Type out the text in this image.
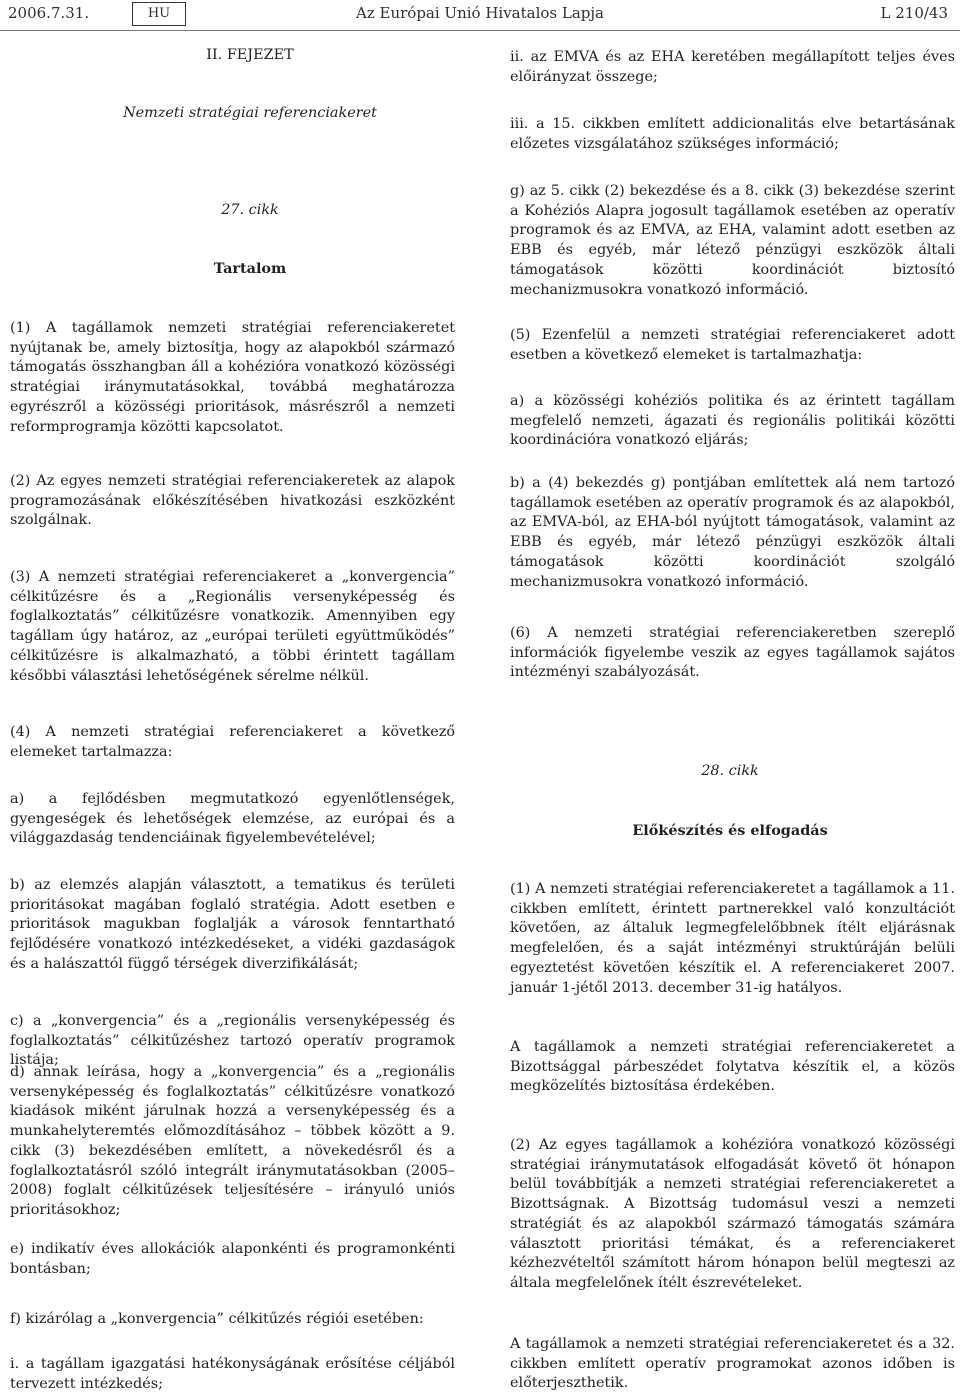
2006.7.31.	HU	Az Európai Unió Hivatalos Lapja	L 210/43
II. FEJEZET
Nemzeti stratégiai referenciakeret
27. cikk
Tartalom
(1) A tagállamok nemzeti stratégiai referenciakeretet nyújtanak be, amely biztosítja, hogy az alapokból származó támogatás összhangban áll a kohézióra vonatkozó közösségi stratégiai iránymutatásokkal, továbbá meghatározza egyrészről a közösségi prioritások, másrészről a nemzeti reformprogramja közötti kapcsolatot.
(2) Az egyes nemzeti stratégiai referenciakeretek az alapok programozásának előkészítésében hivatkozási eszközként szolgálnak.
(3) A nemzeti stratégiai referenciakeret a „konvergencia” célkitűzésre és a „Regionális versenyképesség és foglalkoztatás” célkitűzésre vonatkozik. Amennyiben egy tagállam úgy határoz, az „európai területi együttműködés” célkitűzésre is alkalmazható, a többi érintett tagállam későbbi választási lehetőségének sérelme nélkül.
(4) A nemzeti stratégiai referenciakeret a következő elemeket tartalmazza:
a) a fejlődésben megmutatkozó egyenlőtlenségek, gyengeségek és lehetőségek elemzése, az európai és a világgazdaság tendenciáinak figyelembevételével;
b) az elemzés alapján választott, a tematikus és területi prioritásokat magában foglaló stratégia. Adott esetben e prioritások magukban foglalják a városok fenntartható fejlődésére vonatkozó intézkedéseket, a vidéki gazdaságok és a halászattól függő térségek diverzifikálását;
c) a „konvergencia” és a „regionális versenyképesség és foglalkoztatás” célkitűzéshez tartozó operatív programok listája;
d) annak leírása, hogy a „konvergencia” és a „regionális versenyképesség és foglalkoztatás” célkitűzésre vonatkozó kiadások miként járulnak hozzá a versenyképesség és a munkahelyteremtés előmozdításához – többek között a 9. cikk (3) bekezdésében említett, a növekedésről és a foglalkoztatásról szóló integrált iránymutatásokban (2005–2008) foglalt célkitűzések teljesítésére – irányuló uniós prioritásokhoz;
e) indikatív éves allokációk alaponkénti és programonkénti bontásban;
f) kizárólag a „konvergencia” célkitűzés régiói esetében:
i. a tagállam igazgatási hatékonyságának erősítése céljából tervezett intézkedés;
ii. az EMVA és az EHA keretében megállapított teljes éves előirányzat összege;
iii. a 15. cikkben említett addicionalitás elve betartásának előzetes vizsgálatához szükséges információ;
g) az 5. cikk (2) bekezdése és a 8. cikk (3) bekezdése szerint a Kohéziós Alapra jogosult tagállamok esetében az operatív programok és az EMVA, az EHA, valamint adott esetben az EBB és egyéb, már létező pénzügyi eszközök általi támogatások közötti koordinációt biztosító mechanizmusokra vonatkozó információ.
(5) Ezenfelül a nemzeti stratégiai referenciakeret adott esetben a következő elemeket is tartalmazhatja:
a) a közösségi kohéziós politika és az érintett tagállam megfelelő nemzeti, ágazati és regionális politikái közötti koordinációra vonatkozó eljárás;
b) a (4) bekezdés g) pontjában említettek alá nem tartozó tagállamok esetében az operatív programok és az alapokból, az EMVA-ból, az EHA-ból nyújtott támogatások, valamint az EBB és egyéb, már létező pénzügyi eszközök általi támogatások közötti koordinációt szolgáló mechanizmusokra vonatkozó információ.
(6) A nemzeti stratégiai referenciakeretben szereplő információk figyelembe veszik az egyes tagállamok sajátos intézményi szabályozását.
28. cikk
Előkészítés és elfogadás
(1) A nemzeti stratégiai referenciakeretet a tagállamok a 11. cikkben említett, érintett partnerekkel való konzultációt követően, az általuk legmegfelelőbbnek ítélt eljárásnak megfelelően, és a saját intézményi struktúráján belüli egyeztetést követően készítik el. A referenciakeret 2007. január 1-jétől 2013. december 31-ig hatályos.
A tagállamok a nemzeti stratégiai referenciakeretet a Bizottsággal párbeszédet folytatva készítik el, a közös megközelítés biztosítása érdekében.
(2) Az egyes tagállamok a kohézióra vonatkozó közösségi stratégiai iránymutatások elfogadását követő öt hónapon belül továbbítják a nemzeti stratégiai referenciakeretet a Bizottságnak. A Bizottság tudomásul veszi a nemzeti stratégiát és az alapokból származó támogatás számára választott prioritási témákat, és a referenciakeret kézhezvételtől számított három hónapon belül megteszi az általa megfelelőnek ítélt észrevételeket.
A tagállamok a nemzeti stratégiai referenciakeretet és a 32. cikkben említett operatív programokat azonos időben is előterjeszthetik.
